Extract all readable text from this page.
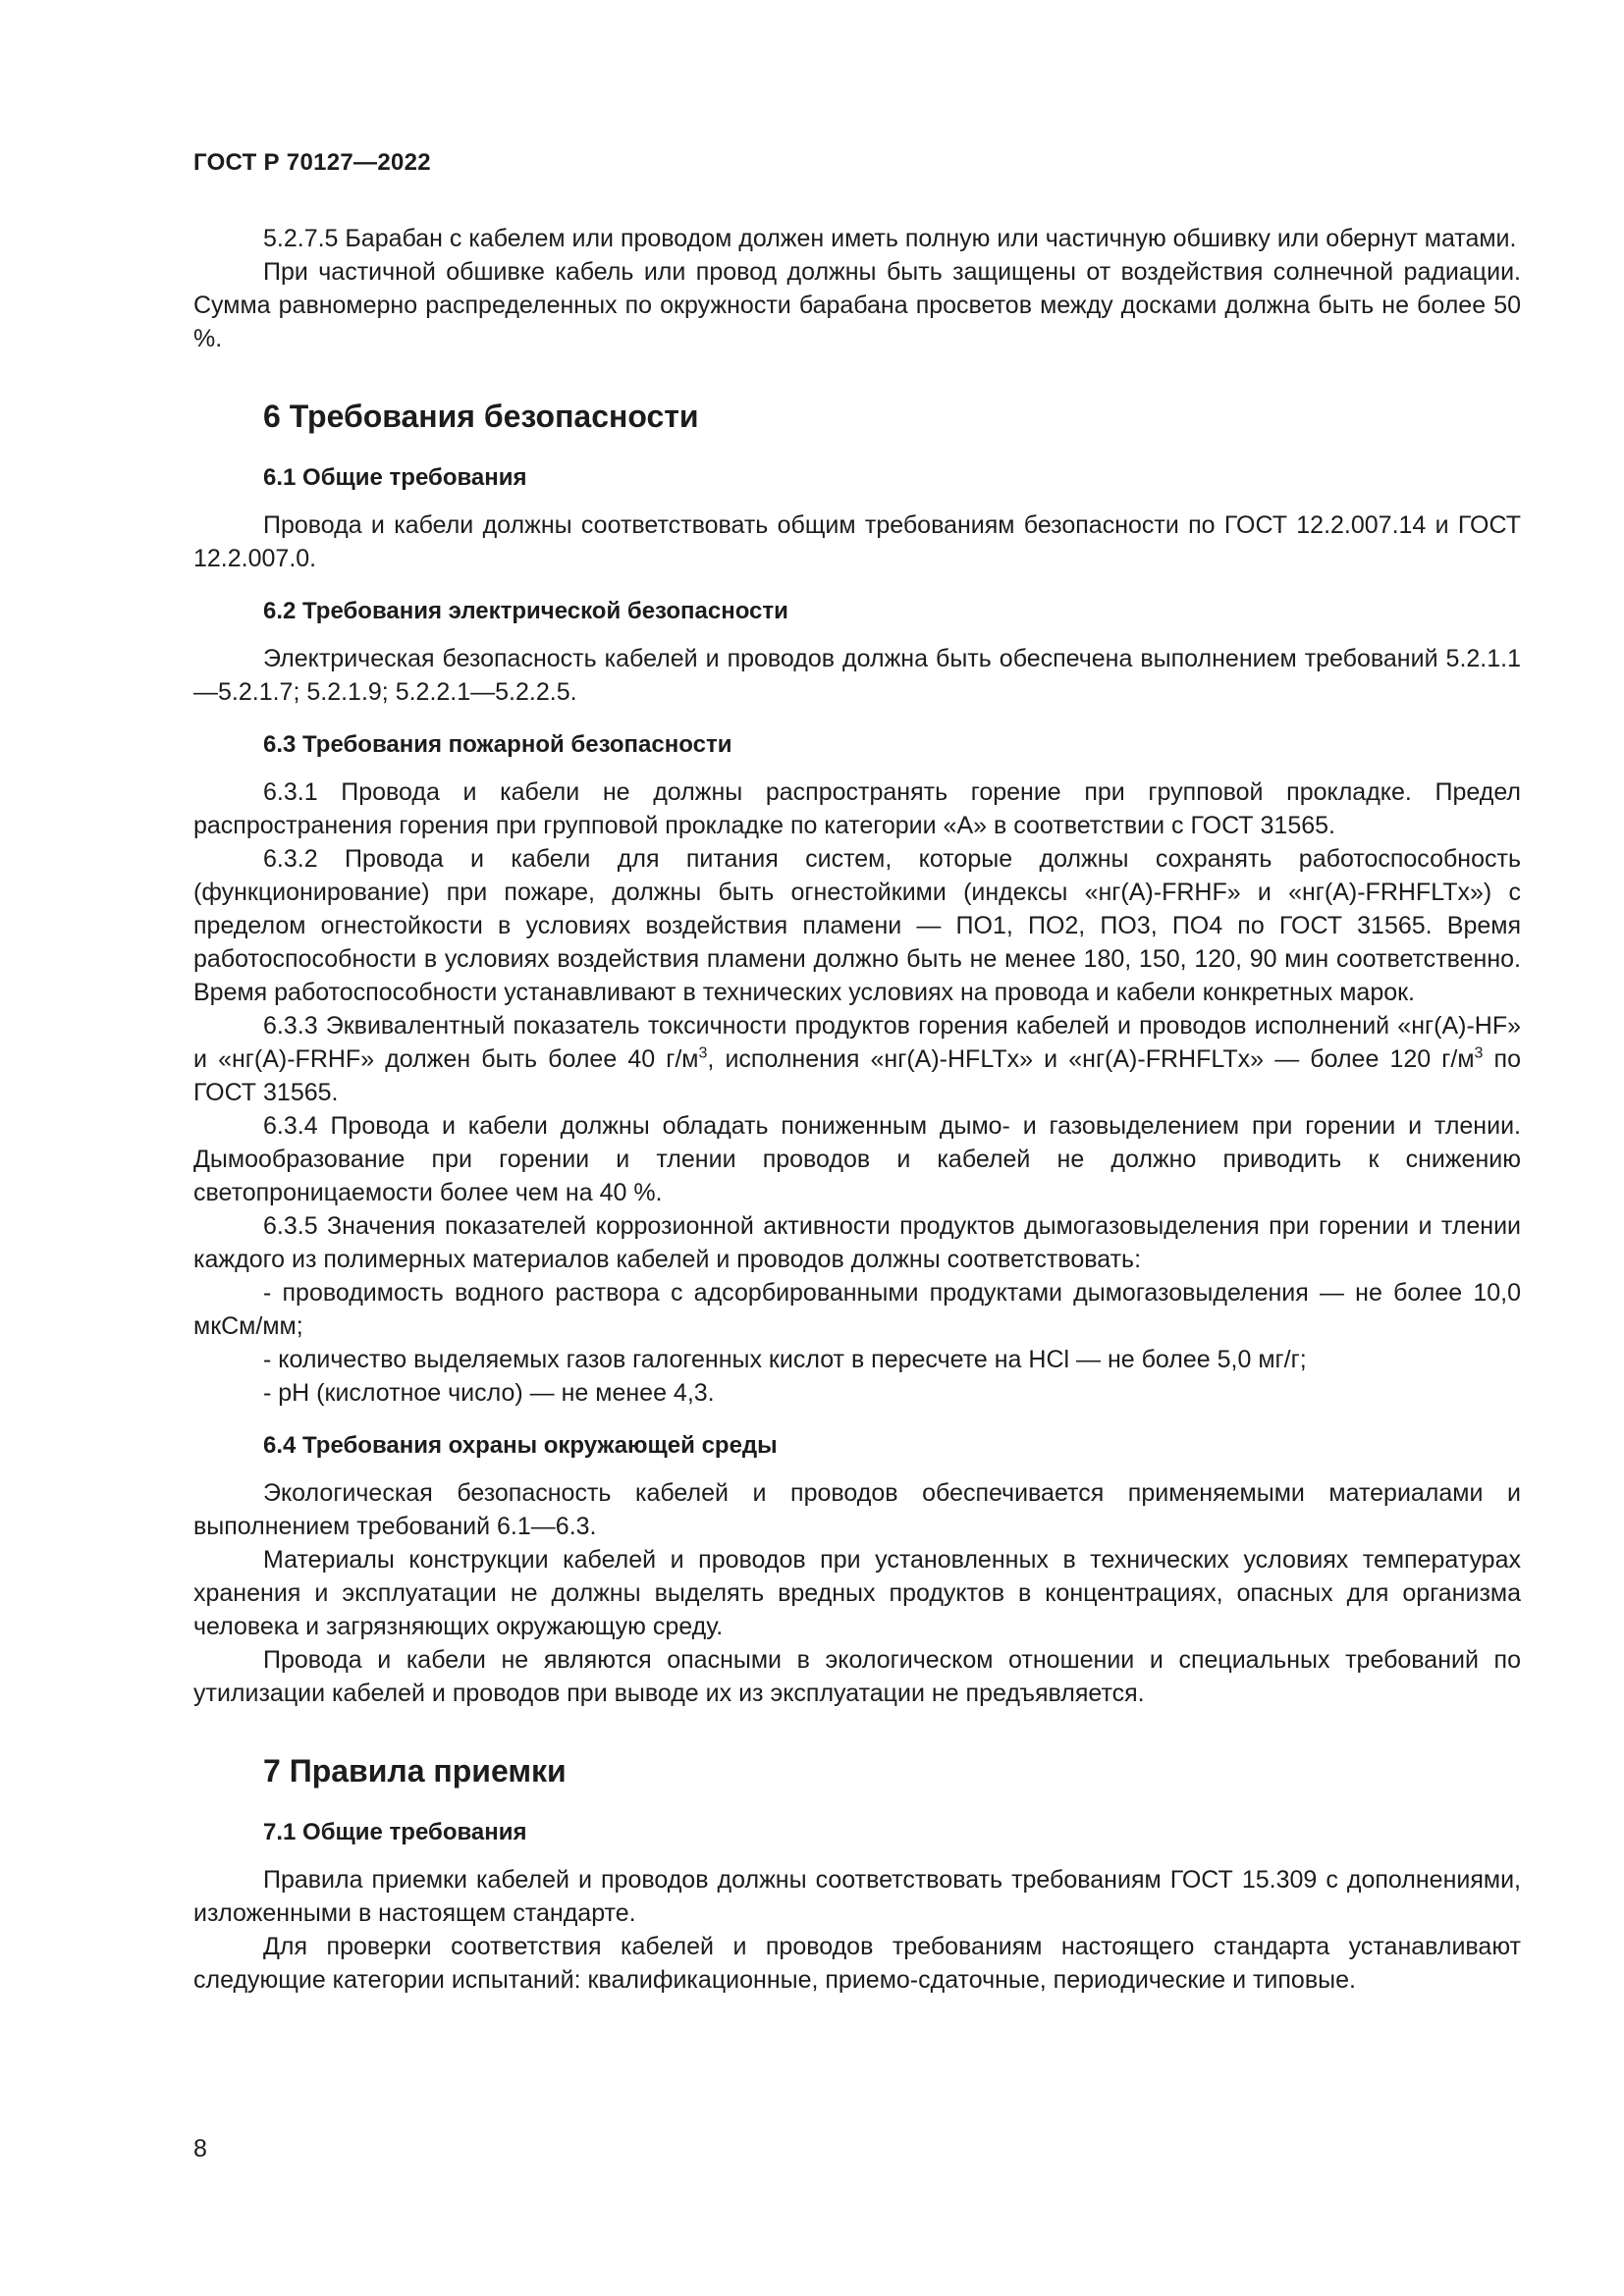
ГОСТ Р 70127—2022

5.2.7.5 Барабан с кабелем или проводом должен иметь полную или частичную обшивку или обернут матами.

При частичной обшивке кабель или провод должны быть защищены от воздействия солнечной радиации. Сумма равномерно распределенных по окружности барабана просветов между досками должна быть не более 50 %.

6 Требования безопасности
6.1 Общие требования

Провода и кабели должны соответствовать общим требованиям безопасности по ГОСТ 12.2.007.14 и ГОСТ 12.2.007.0.

6.2 Требования электрической безопасности

Электрическая безопасность кабелей и проводов должна быть обеспечена выполнением требований 5.2.1.1—5.2.1.7; 5.2.1.9; 5.2.2.1—5.2.2.5.

6.3 Требования пожарной безопасности

6.3.1 Провода и кабели не должны распространять горение при групповой прокладке. Предел распространения горения при групповой прокладке по категории «А» в соответствии с ГОСТ 31565.

6.3.2 Провода и кабели для питания систем, которые должны сохранять работоспособность (функционирование) при пожаре, должны быть огнестойкими (индексы «нг(А)-FRHF» и «нг(А)-FRHFLTx») с пределом огнестойкости в условиях воздействия пламени — ПО1, ПО2, ПО3, ПО4 по ГОСТ 31565. Время работоспособности в условиях воздействия пламени должно быть не менее 180, 150, 120, 90 мин соответственно. Время работоспособности устанавливают в технических условиях на провода и кабели конкретных марок.

6.3.3 Эквивалентный показатель токсичности продуктов горения кабелей и проводов исполнений «нг(А)-HF» и «нг(А)-FRHF» должен быть более 40 $г/м^3$, исполнения «нг(А)-HFLTx» и «нг(А)-FRHFLTx» — более 120 $г/м^3$ по ГОСТ 31565.

6.3.4 Провода и кабели должны обладать пониженным дымо- и газовыделением при горении и тлении. Дымообразование при горении и тлении проводов и кабелей не должно приводить к снижению светопроницаемости более чем на 40 %.

6.3.5 Значения показателей коррозионной активности продуктов дымогазовыделения при горении и тлении каждого из полимерных материалов кабелей и проводов должны соответствовать:

- проводимость водного раствора с адсорбированными продуктами дымогазовыделения — не более 10,0 мкСм/мм;

- количество выделяемых газов галогенных кислот в пересчете на HCl — не более 5,0 мг/г;

- pH (кислотное число) — не менее 4,3.

6.4 Требования охраны окружающей среды

Экологическая безопасность кабелей и проводов обеспечивается применяемыми материалами и выполнением требований 6.1—6.3.

Материалы конструкции кабелей и проводов при установленных в технических условиях температурах хранения и эксплуатации не должны выделять вредных продуктов в концентрациях, опасных для организма человека и загрязняющих окружающую среду.

Провода и кабели не являются опасными в экологическом отношении и специальных требований по утилизации кабелей и проводов при выводе их из эксплуатации не предъявляется.

7 Правила приемки
7.1 Общие требования

Правила приемки кабелей и проводов должны соответствовать требованиям ГОСТ 15.309 с дополнениями, изложенными в настоящем стандарте.

Для проверки соответствия кабелей и проводов требованиям настоящего стандарта устанавливают следующие категории испытаний: квалификационные, приемо-сдаточные, периодические и типовые.

8
